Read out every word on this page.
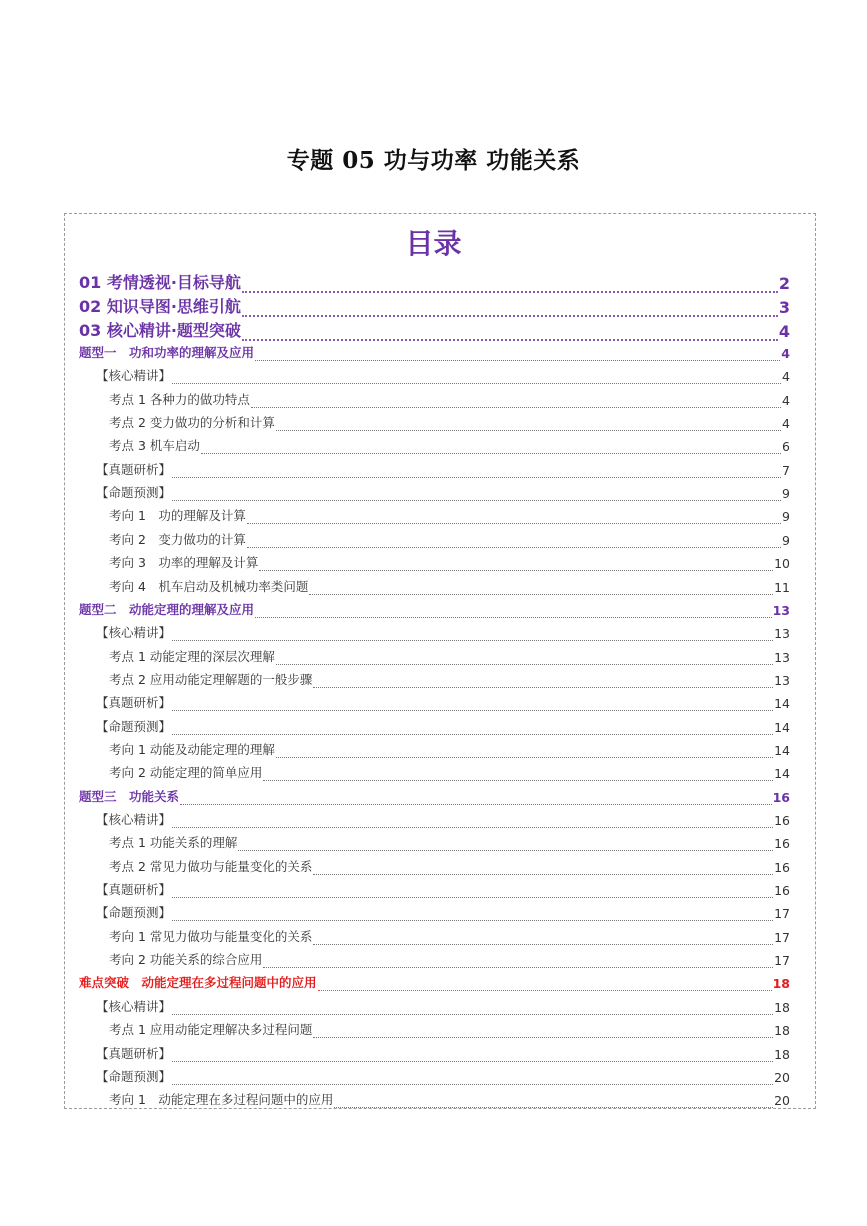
专题 05 功与功率 功能关系
目录
01 考情透视·目标导航	2
02 知识导图·思维引航	3
03 核心精讲·题型突破	4
题型一　功和功率的理解及应用	4
【核心精讲】	4
考点 1 各种力的做功特点	4
考点 2 变力做功的分析和计算	4
考点 3 机车启动	6
【真题研析】	7
【命题预测】	9
考向 1　功的理解及计算	9
考向 2　变力做功的计算	9
考向 3　功率的理解及计算	10
考向 4　机车启动及机械功率类问题	11
题型二　动能定理的理解及应用	13
【核心精讲】	13
考点 1 动能定理的深层次理解	13
考点 2 应用动能定理解题的一般步骤	13
【真题研析】	14
【命题预测】	14
考向 1 动能及动能定理的理解	14
考向 2 动能定理的简单应用	14
题型三　功能关系	16
【核心精讲】	16
考点 1 功能关系的理解	16
考点 2 常见力做功与能量变化的关系	16
【真题研析】	16
【命题预测】	17
考向 1 常见力做功与能量变化的关系	17
考向 2 功能关系的综合应用	17
难点突破　动能定理在多过程问题中的应用	18
【核心精讲】	18
考点 1 应用动能定理解决多过程问题	18
【真题研析】	18
【命题预测】	20
考向 1　动能定理在多过程问题中的应用	20
